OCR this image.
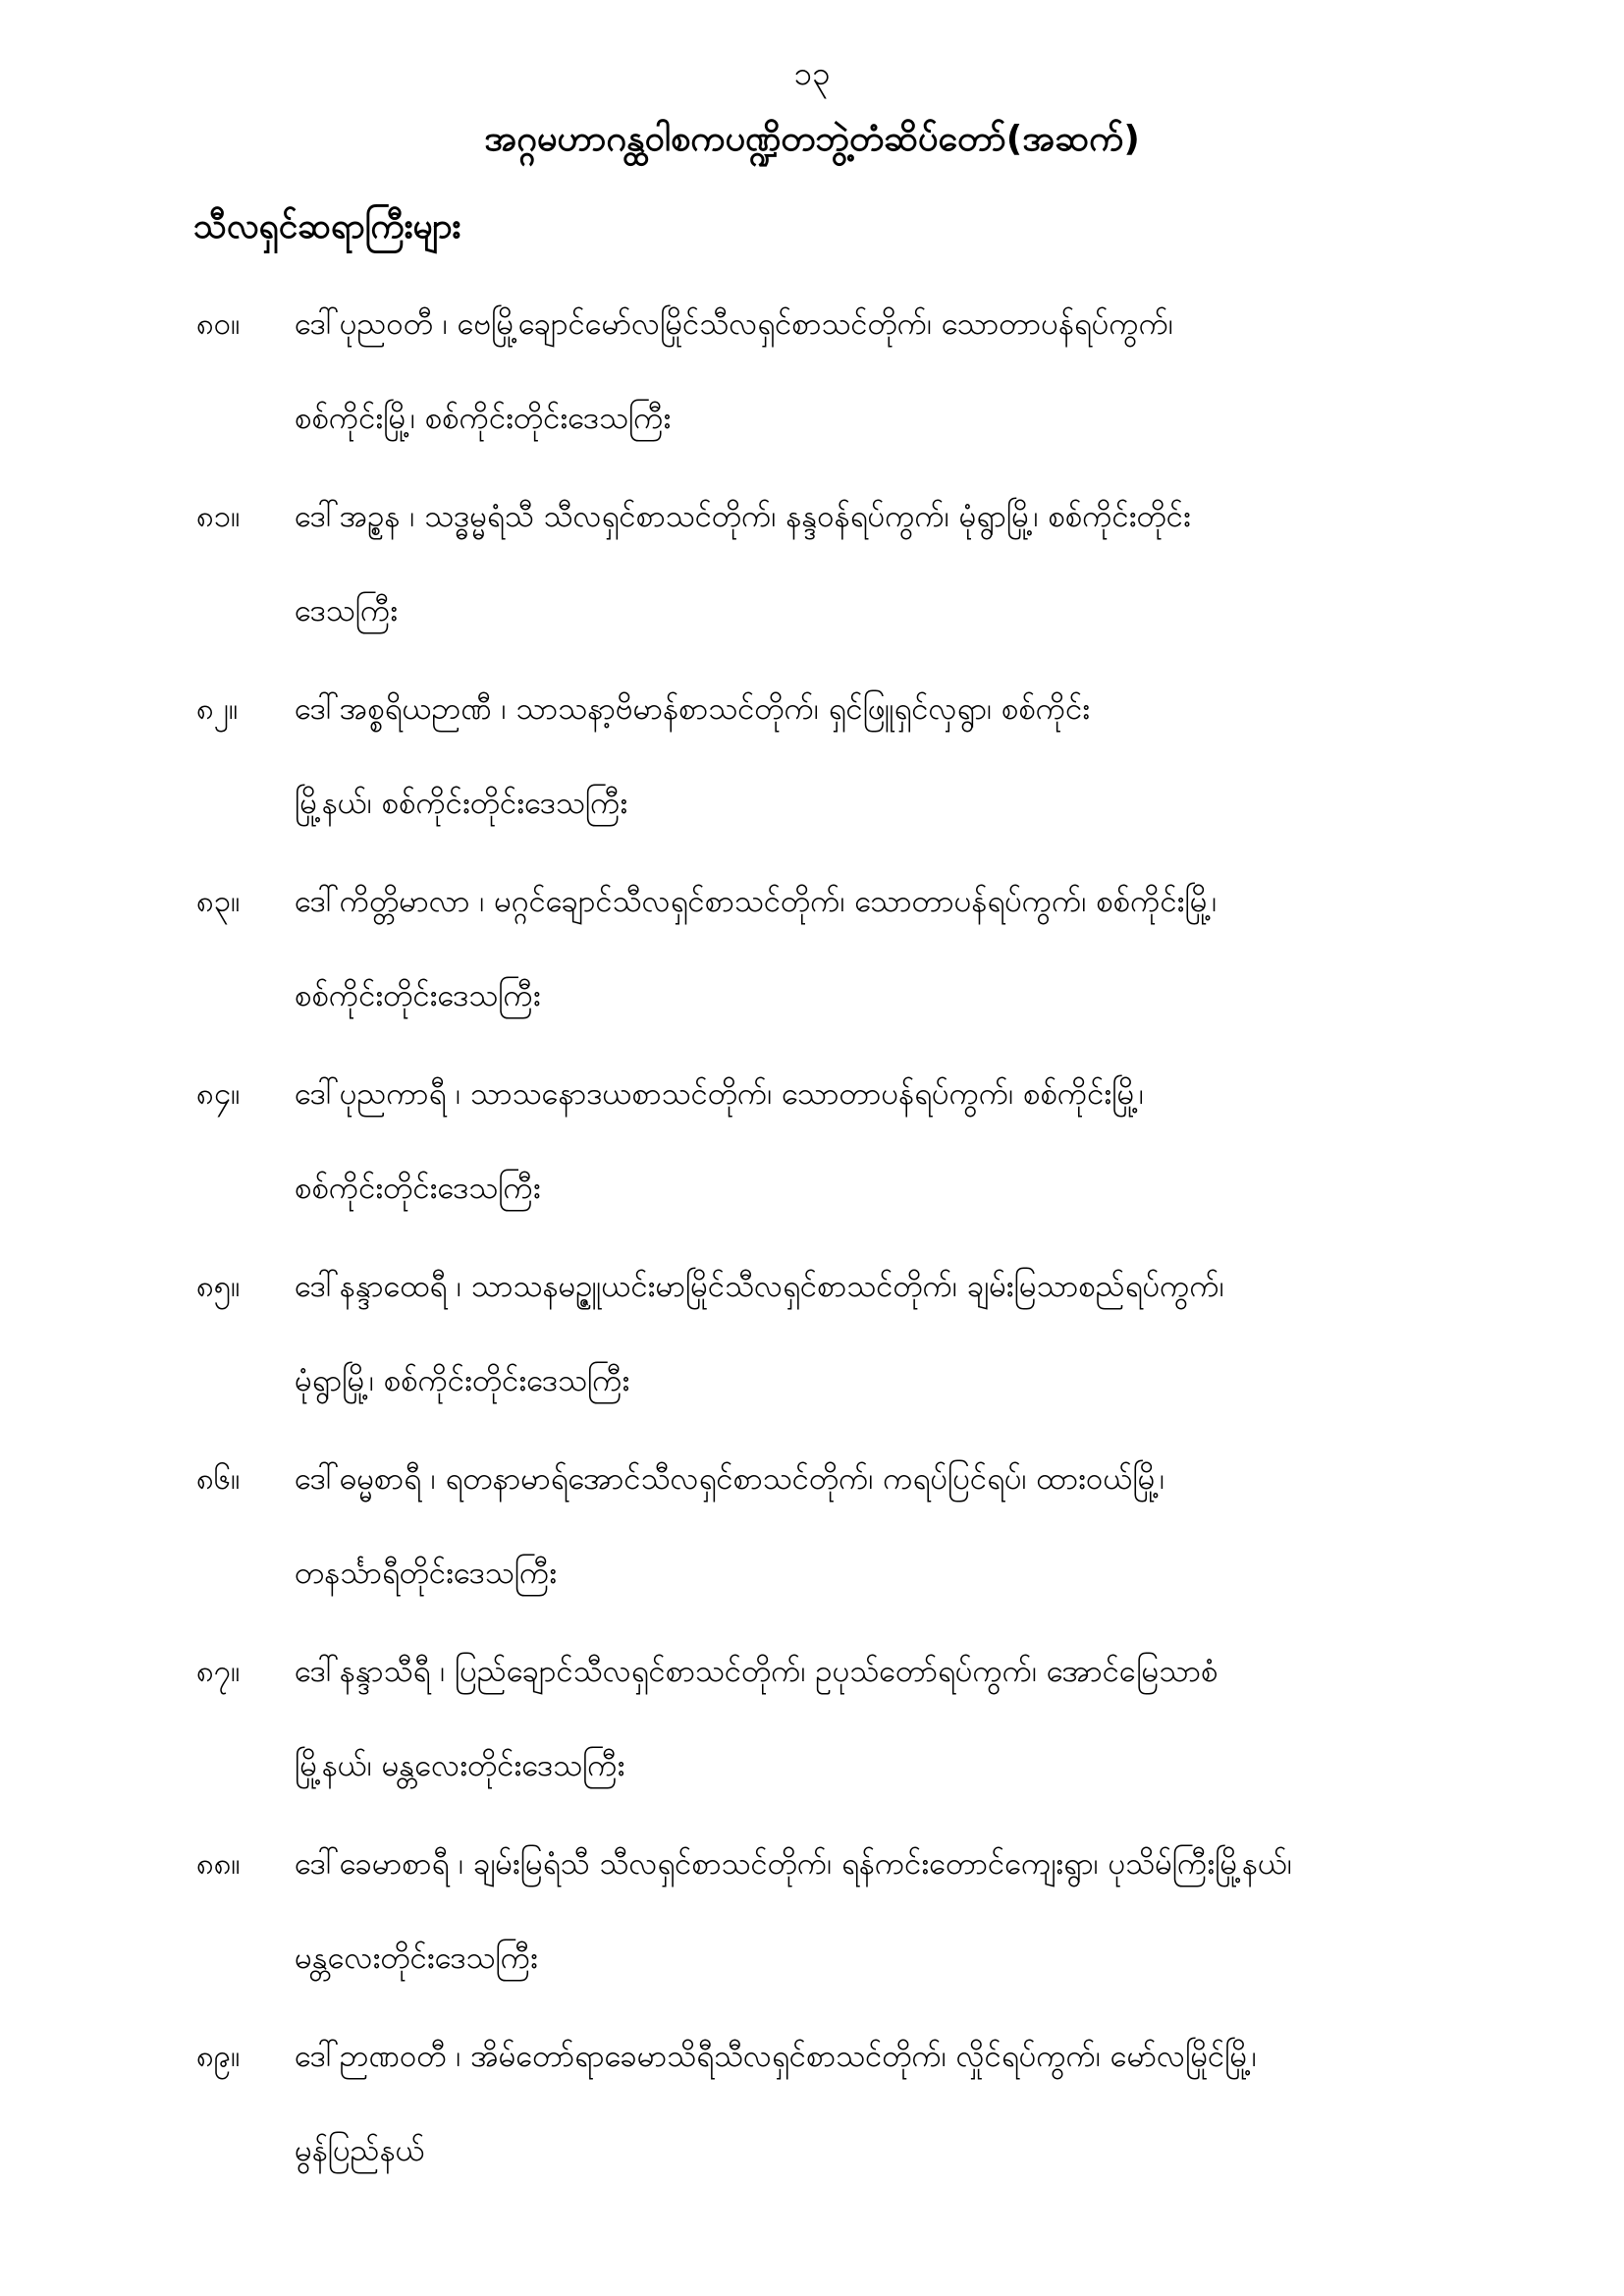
၁၃
အဂ္ဂမဟာဂန္ထဝါစကပဏ္ဍိတဘွဲ့တံဆိပ်တော်(အဆက်)
သီလရှင်ဆရာကြီးများ
၈၀။	ဒေါ်ပုညဝတီ ၊ ဗေမြို့ချောင်မော်လမြိုင်သီလရှင်စာသင်တိုက်၊ သောတာပန်ရပ်ကွက်၊
စစ်ကိုင်းမြို့၊ စစ်ကိုင်းတိုင်းဒေသကြီး
၈၁။	ဒေါ်အဥ္စန ၊ သဒ္ဓမ္မရံသီ သီလရှင်စာသင်တိုက်၊ နန္ဒဝန်ရပ်ကွက်၊ မုံရွာမြို့၊ စစ်ကိုင်းတိုင်း
ဒေသကြီး
၈၂။	ဒေါ်အစ္စရိယဉာဏီ ၊ သာသနာ့ဗိမာန်စာသင်တိုက်၊ ရှင်ဖြူရှင်လှရွာ၊ စစ်ကိုင်း
မြို့နယ်၊ စစ်ကိုင်းတိုင်းဒေသကြီး
၈၃။	ဒေါ်ကိတ္တိမာလာ ၊ မဂ္ဂင်ချောင်သီလရှင်စာသင်တိုက်၊ သောတာပန်ရပ်ကွက်၊ စစ်ကိုင်းမြို့၊
စစ်ကိုင်းတိုင်းဒေသကြီး
၈၄။	ဒေါ်ပုညကာရီ ၊ သာသနောဒယစာသင်တိုက်၊ သောတာပန်ရပ်ကွက်၊ စစ်ကိုင်းမြို့၊
စစ်ကိုင်းတိုင်းဒေသကြီး
၈၅။	ဒေါ်နန္ဒာထေရီ ၊ သာသနမဥ္ဇူယင်းမာမြိုင်သီလရှင်စာသင်တိုက်၊ ချမ်းမြသာစည်ရပ်ကွက်၊
မုံရွာမြို့၊ စစ်ကိုင်းတိုင်းဒေသကြီး
၈၆။	ဒေါ်ဓမ္မစာရီ ၊ ရတနာမာရ်အောင်သီလရှင်စာသင်တိုက်၊ ကရပ်ပြင်ရပ်၊ ထားဝယ်မြို့၊
တနင်္သာရီတိုင်းဒေသကြီး
၈၇။	ဒေါ်နန္ဒာသီရီ ၊ ပြည်ချောင်သီလရှင်စာသင်တိုက်၊ ဥပုသ်တော်ရပ်ကွက်၊ အောင်မြေသာစံ
မြို့နယ်၊ မန္တလေးတိုင်းဒေသကြီး
၈၈။	ဒေါ်ခေမာစာရီ ၊ ချမ်းမြရံသီ သီလရှင်စာသင်တိုက်၊ ရန်ကင်းတောင်ကျေးရွာ၊ ပုသိမ်ကြီးမြို့နယ်၊
မန္တလေးတိုင်းဒေသကြီး
၈၉။	ဒေါ်ဉာဏဝတီ ၊ အိမ်တော်ရာခေမာသိရီသီလရှင်စာသင်တိုက်၊ လှိုင်ရပ်ကွက်၊ မော်လမြိုင်မြို့၊
မွန်ပြည်နယ်
